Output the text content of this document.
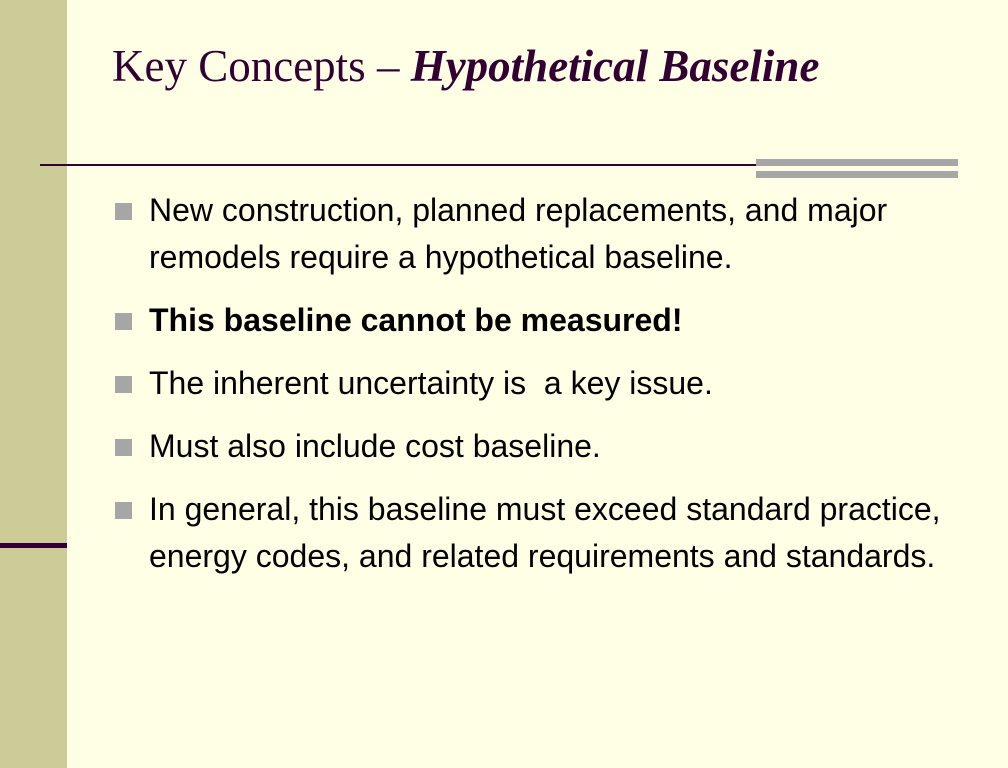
Key Concepts – Hypothetical Baseline
New construction, planned replacements, and major remodels require a hypothetical baseline.
This baseline cannot be measured!
The inherent uncertainty is  a key issue.
Must also include cost baseline.
In general, this baseline must exceed standard practice, energy codes, and related requirements and standards.
